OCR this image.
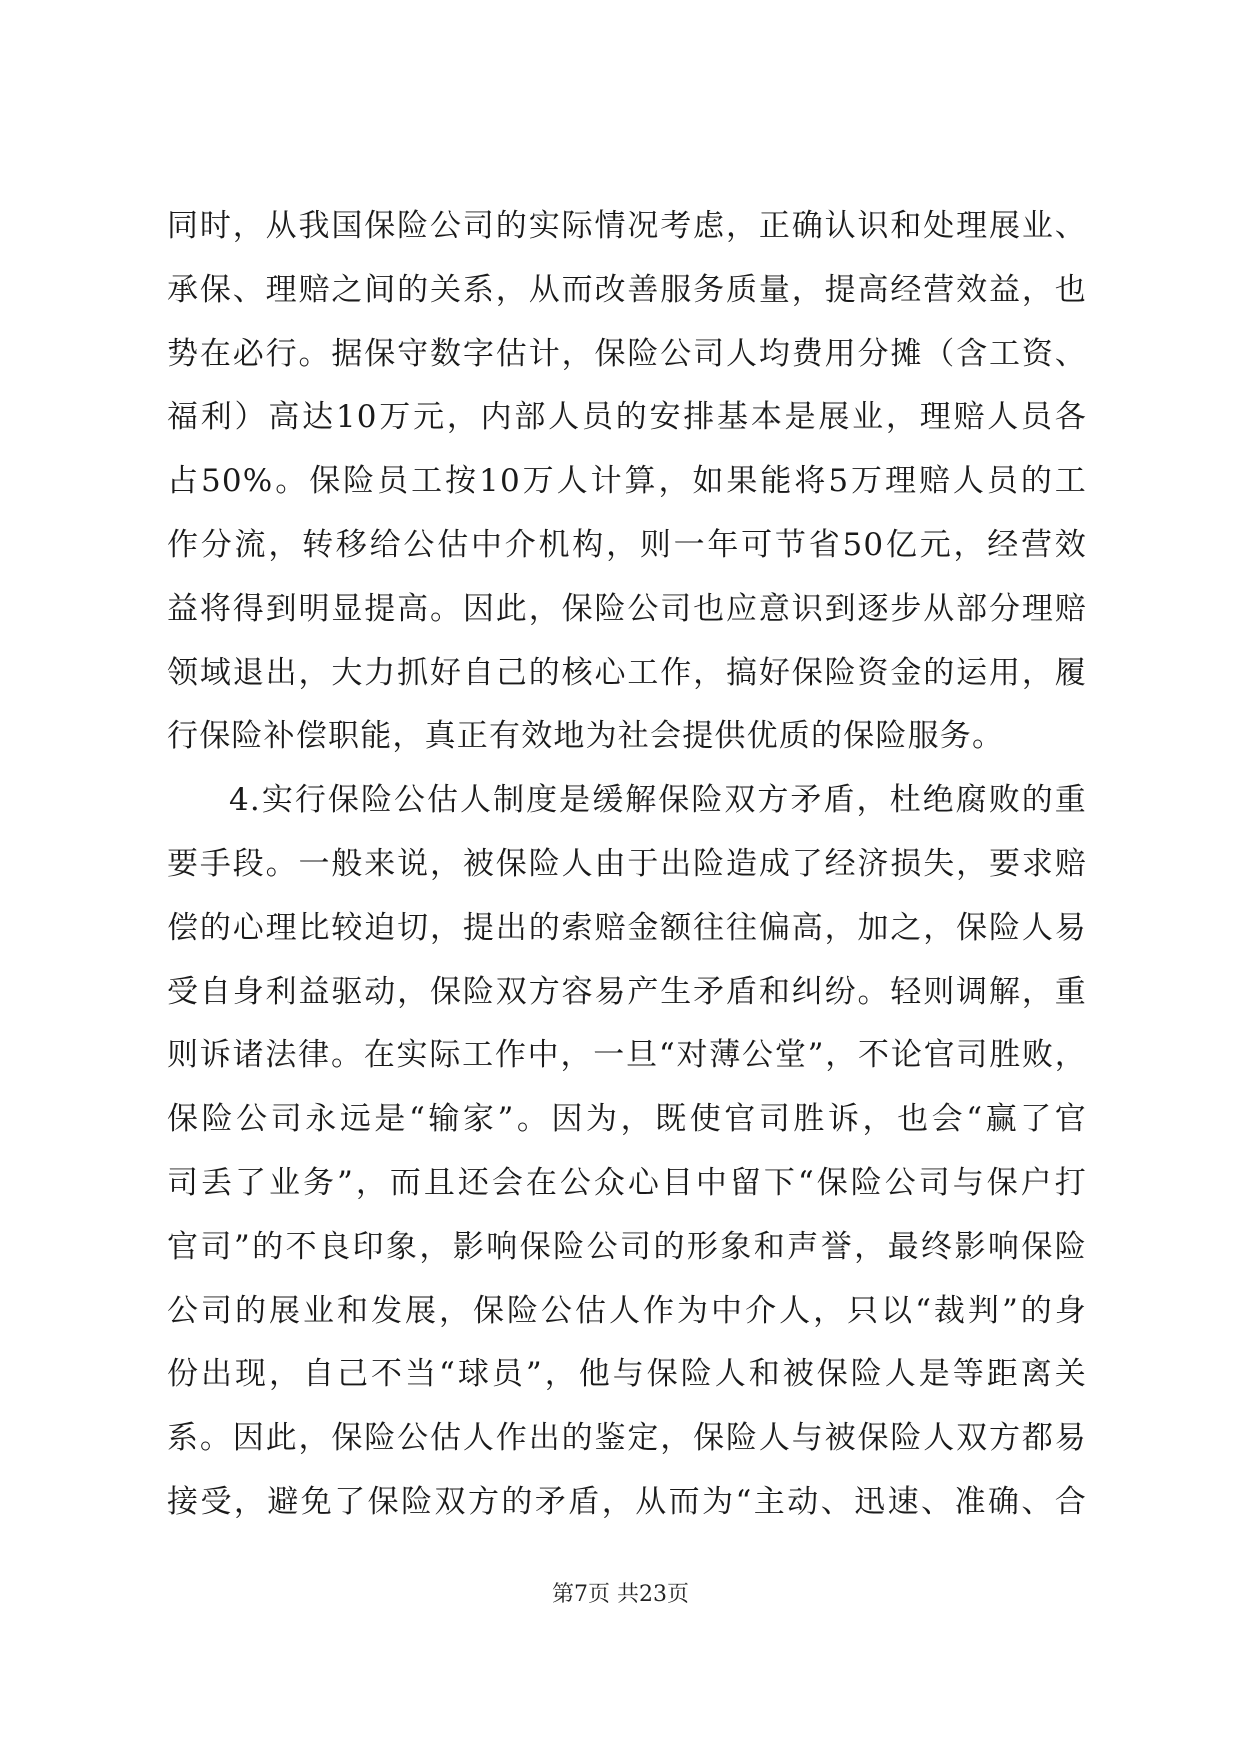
同时，从我国保险公司的实际情况考虑，正确认识和处理展业、
承保、理赔之间的关系，从而改善服务质量，提高经营效益，也
势在必行。据保守数字估计，保险公司人均费用分摊（含工资、
福利）高达10万元，内部人员的安排基本是展业，理赔人员各
占50%。保险员工按10万人计算，如果能将5万理赔人员的工
作分流，转移给公估中介机构，则一年可节省50亿元，经营效
益将得到明显提高。因此，保险公司也应意识到逐步从部分理赔
领域退出，大力抓好自己的核心工作，搞好保险资金的运用，履
行保险补偿职能，真正有效地为社会提供优质的保险服务。
4.实行保险公估人制度是缓解保险双方矛盾，杜绝腐败的重
要手段。一般来说，被保险人由于出险造成了经济损失，要求赔
偿的心理比较迫切，提出的索赔金额往往偏高，加之，保险人易
受自身利益驱动，保险双方容易产生矛盾和纠纷。轻则调解，重
则诉诸法律。在实际工作中，一旦“对薄公堂”，不论官司胜败，
保险公司永远是“输家”。因为，既使官司胜诉，也会“赢了官
司丢了业务”，而且还会在公众心目中留下“保险公司与保户打
官司”的不良印象，影响保险公司的形象和声誉，最终影响保险
公司的展业和发展，保险公估人作为中介人，只以“裁判”的身
份出现，自己不当“球员”，他与保险人和被保险人是等距离关
系。因此，保险公估人作出的鉴定，保险人与被保险人双方都易
接受，避免了保险双方的矛盾，从而为“主动、迅速、准确、合
第7页 共23页
